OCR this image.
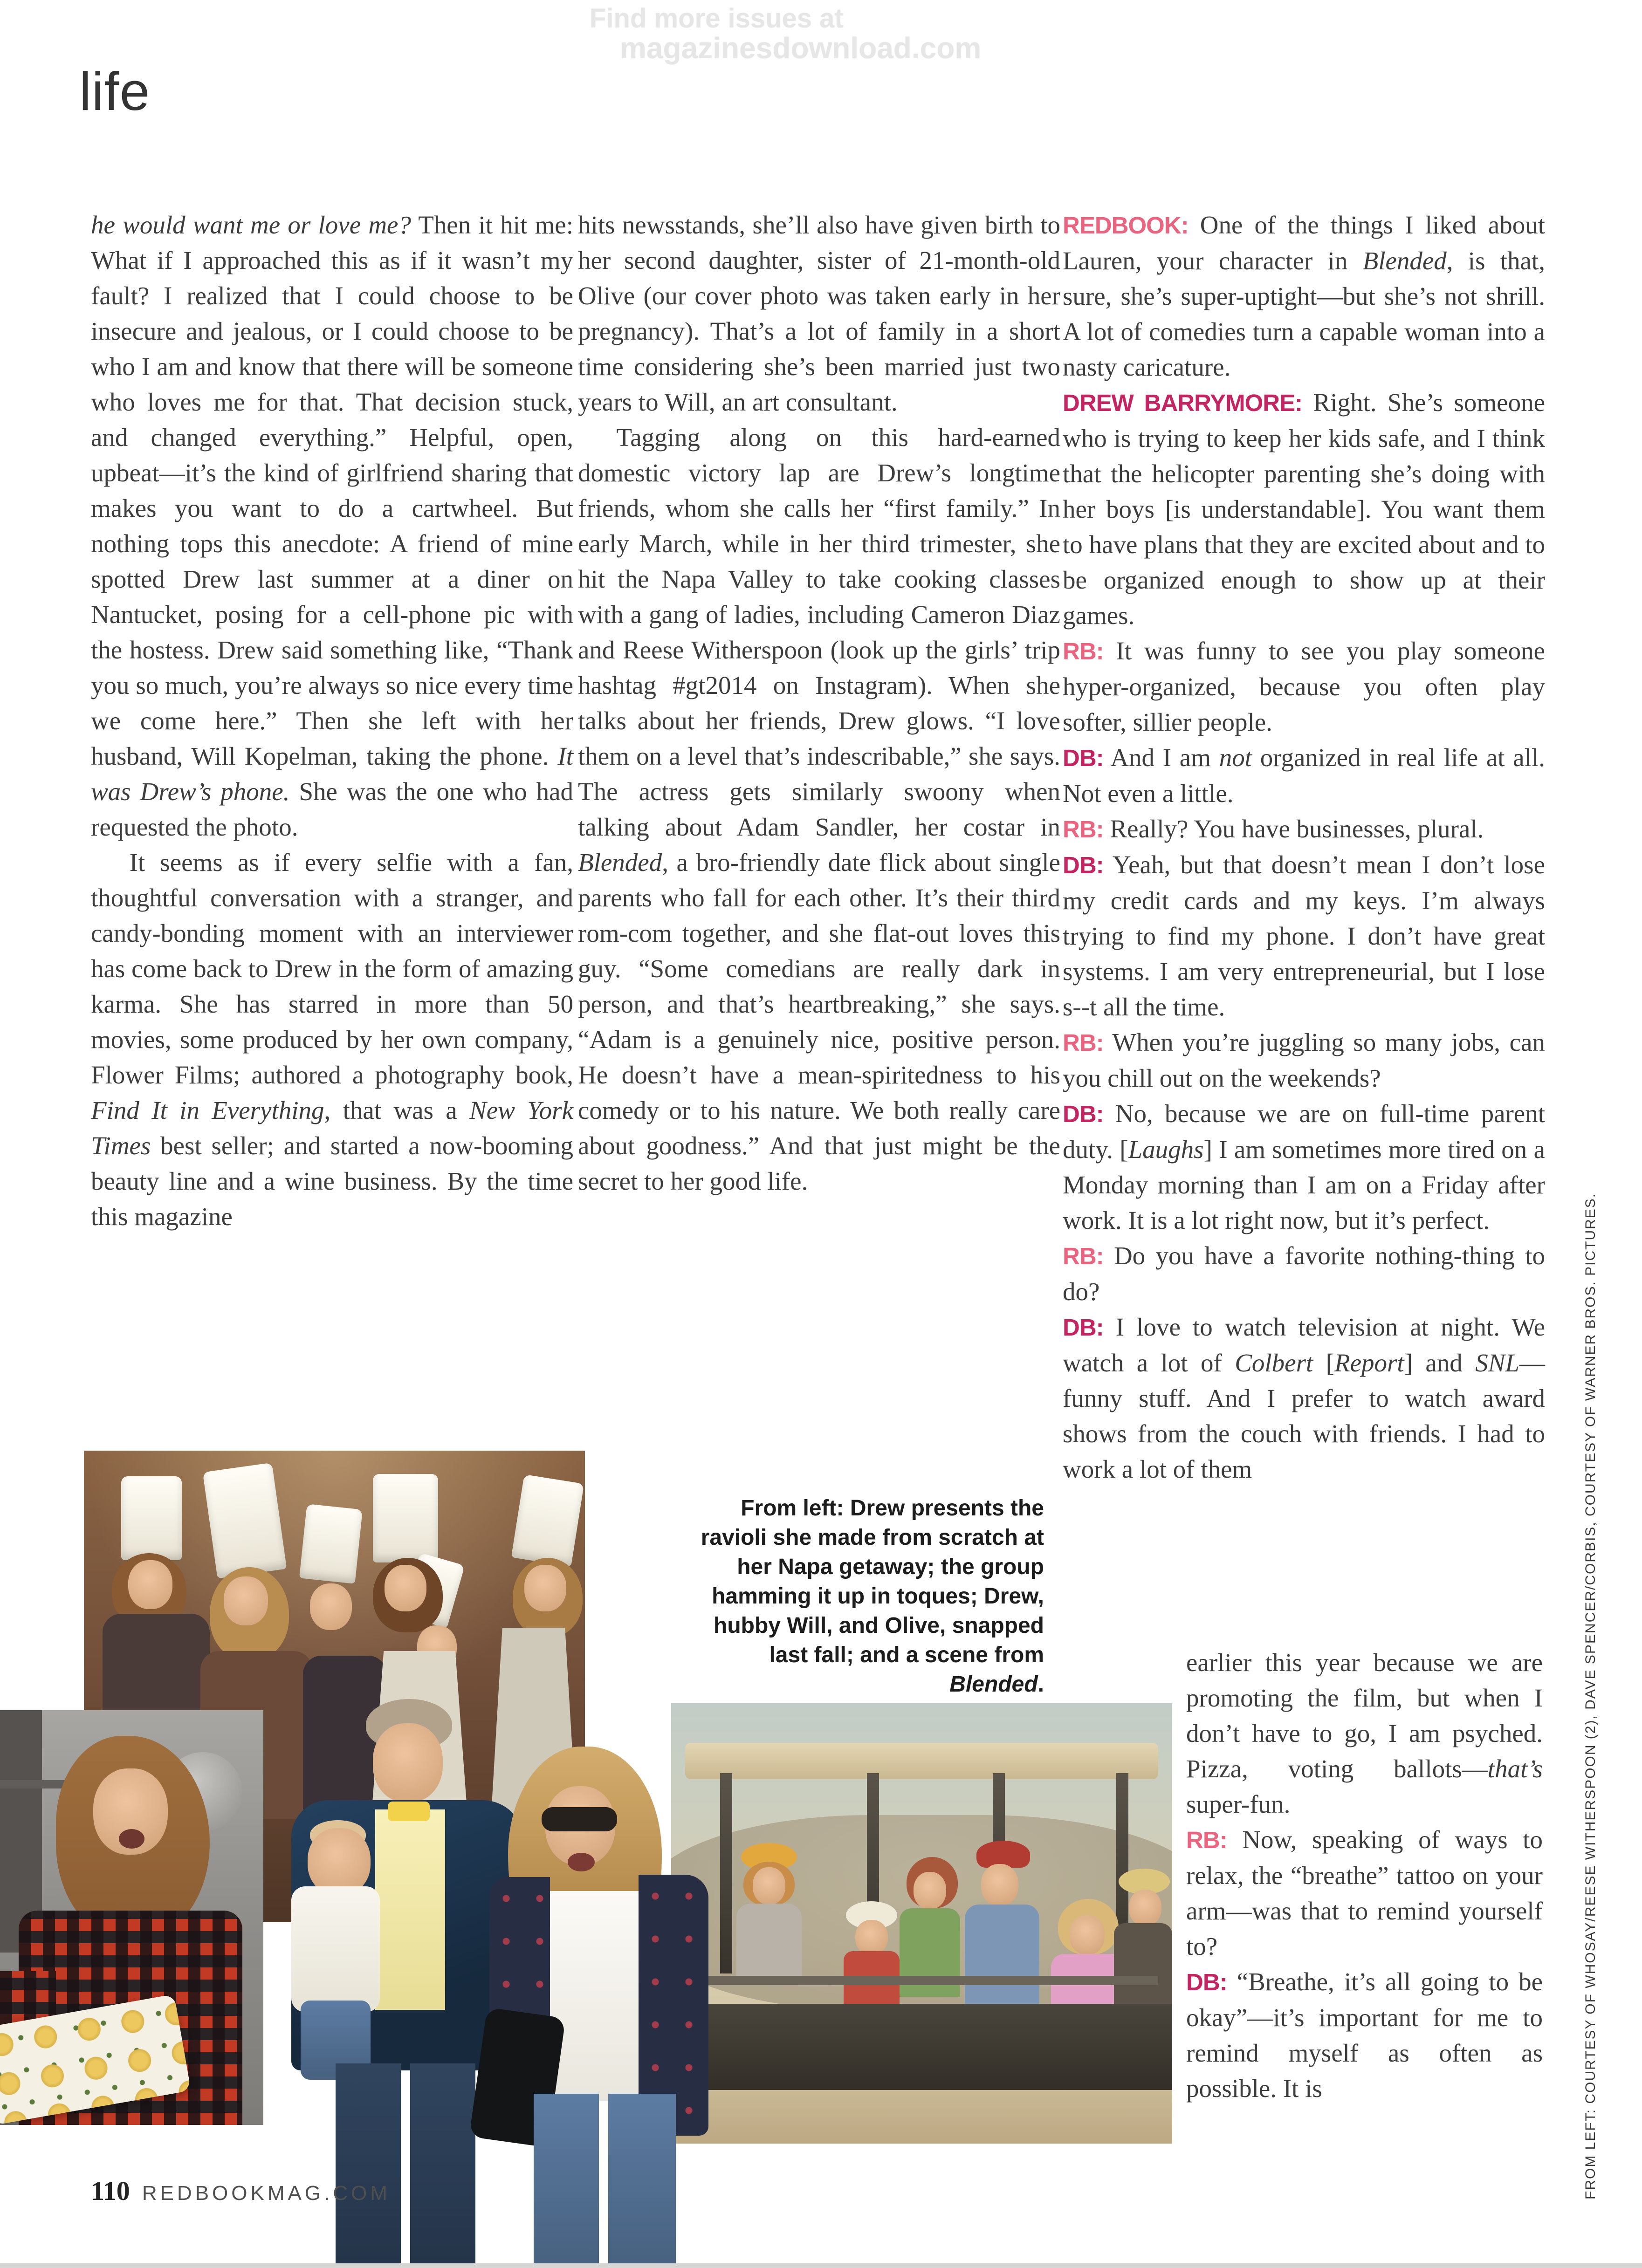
Find more issues at
magazinesdownload.com
life

he would want me or love me? Then it hit me: What if I approached this as if it wasn’t my fault? I realized that I could choose to be insecure and jealous, or I could choose to be who I am and know that there will be someone who loves me for that. That decision stuck, and changed everything.” Helpful, open, upbeat—it’s the kind of girlfriend sharing that makes you want to do a cartwheel. But nothing tops this anecdote: A friend of mine spotted Drew last summer at a diner on Nantucket, posing for a cell-phone pic with the hostess. Drew said something like, “Thank you so much, you’re always so nice every time we come here.” Then she left with her husband, Will Kopelman, taking the phone. It was Drew’s phone. She was the one who had requested the photo.

It seems as if every selfie with a fan, thoughtful conversation with a stranger, and candy-bonding moment with an interviewer has come back to Drew in the form of amazing karma. She has starred in more than 50 movies, some produced by her own company, Flower Films; authored a photography book, Find It in Everything, that was a New York Times best seller; and started a now-booming beauty line and a wine business. By the time this magazine

hits newsstands, she’ll also have given birth to her second daughter, sister of 21-month-old Olive (our cover photo was taken early in her pregnancy). That’s a lot of family in a short time considering she’s been married just two years to Will, an art consultant.

Tagging along on this hard-earned domestic victory lap are Drew’s longtime friends, whom she calls her “first family.” In early March, while in her third trimester, she hit the Napa Valley to take cooking classes with a gang of ladies, including Cameron Diaz and Reese Witherspoon (look up the girls’ trip hashtag #gt2014 on Instagram). When she talks about her friends, Drew glows. “I love them on a level that’s indescribable,” she says. The actress gets similarly swoony when talking about Adam Sandler, her costar in Blended, a bro-friendly date flick about single parents who fall for each other. It’s their third rom-com together, and she flat-out loves this guy. “Some comedians are really dark in person, and that’s heartbreaking,” she says. “Adam is a genuinely nice, positive person. He doesn’t have a mean-spiritedness to his comedy or to his nature. We both really care about goodness.” And that just might be the secret to her good life.

REDBOOK: One of the things I liked about Lauren, your character in Blended, is that, sure, she’s super-uptight—but she’s not shrill. A lot of comedies turn a capable woman into a nasty caricature.

DREW BARRYMORE: Right. She’s someone who is trying to keep her kids safe, and I think that the helicopter parenting she’s doing with her boys [is understandable]. You want them to have plans that they are excited about and to be organized enough to show up at their games.

RB: It was funny to see you play someone hyper-organized, because you often play softer, sillier people.

DB: And I am not organized in real life at all. Not even a little.

RB: Really? You have businesses, plural.

DB: Yeah, but that doesn’t mean I don’t lose my credit cards and my keys. I’m always trying to find my phone. I don’t have great systems. I am very entrepreneurial, but I lose s--t all the time.

RB: When you’re juggling so many jobs, can you chill out on the weekends?

DB: No, because we are on full-time parent duty. [Laughs] I am sometimes more tired on a Monday morning than I am on a Friday after work. It is a lot right now, but it’s perfect.

RB: Do you have a favorite nothing-thing to do?

DB: I love to watch television at night. We watch a lot of Colbert [Report] and SNL—funny stuff. And I prefer to watch award shows from the couch with friends. I had to work a lot of them

earlier this year because we are promoting the film, but when I don’t have to go, I am psyched. Pizza, voting ballots—that’s super-fun.

RB: Now, speaking of ways to relax, the “breathe” tattoo on your arm—was that to remind yourself to?

DB: “Breathe, it’s all going to be okay”—it’s important for me to remind myself as often as possible. It is

From left: Drew presents the ravioli she made from scratch at her Napa getaway; the group hamming it up in toques; Drew, hubby Will, and Olive, snapped last fall; and a scene from Blended.

110 REDBOOKMAG.COM	FROM LEFT: COURTESY OF WHOSAY/REESE WITHERSPOON (2), DAVE SPENCER/CORBIS, COURTESY OF WARNER BROS. PICTURES.
